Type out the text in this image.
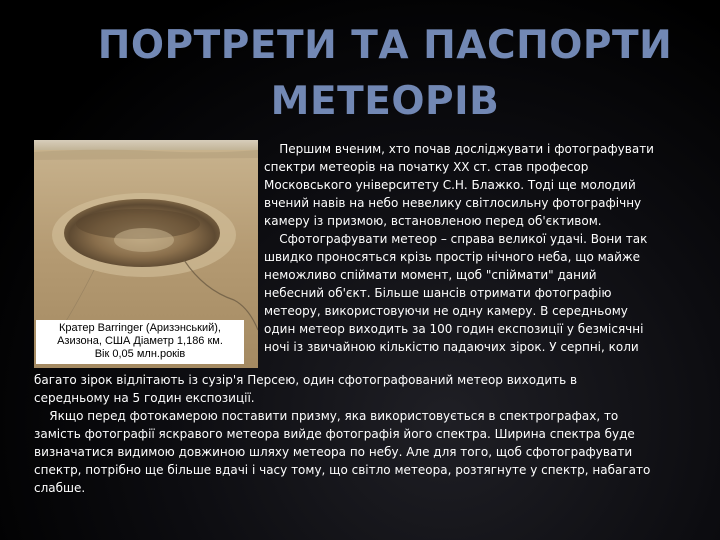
ПОРТРЕТИ ТА ПАСПОРТИ
МЕТЕОРІВ
Кратер Barringer (Аризэнський),
Азизона, США Діаметр 1,186 км.
Вік 0,05 млн.років
Першим вченим, хто почав досліджувати і фотографувати
спектри метеорів на початку XX ст. став професор
Московського університету С.Н. Блажко. Тоді ще молодий
вчений навів на небо невелику світлосильну фотографічну
камеру із призмою, встановленою перед об'єктивом.
Сфотографувати метеор – справа великої удачі. Вони так
швидко проносяться крізь простір нічного неба, що майже
неможливо спіймати момент, щоб "спіймати" даний
небесний об'єкт. Більше шансів отримати фотографію
метеору, використовуючи не одну камеру. В середньому
один метеор виходить за 100 годин експозиції у безмісячні
ночі із звичайною кількістю падаючих зірок. У серпні, коли
багато зірок відлітають із сузір'я Персею, один сфотографований метеор виходить в
середньому на 5 годин експозиції.
Якщо перед фотокамерою поставити призму, яка використовується в спектрографах, то
замість фотографії яскравого метеора вийде фотографія його спектра. Ширина спектра буде
визначатися видимою довжиною шляху метеора по небу. Але для того, щоб сфотографувати
спектр, потрібно ще більше вдачі і часу тому, що світло метеора, розтягнуте у спектр, набагато
слабше.
